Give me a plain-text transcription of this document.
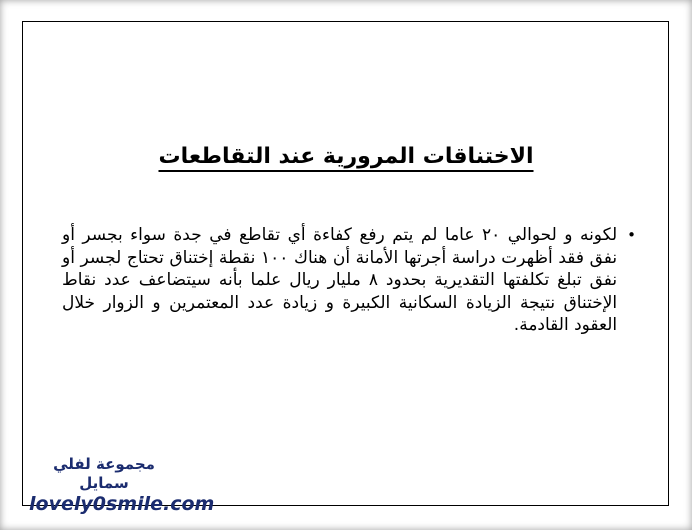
الاختناقات المرورية عند التقاطعات
•

لكونه و لحوالي ٢٠ عاما لم يتم رفع كفاءة أي تقاطع في جدة سواء بجسر أو نفق فقد أظهرت دراسة أجرتها الأمانة أن هناك ١٠٠ نقطة إختناق تحتاج لجسر أو نفق تبلغ تكلفتها التقديرية بحدود ٨ مليار ريال علما بأنه سيتضاعف عدد نقاط الإختناق نتيجة الزيادة السكانية الكبيرة و زيادة عدد المعتمرين و الزوار خلال العقود القادمة.

مجموعة لفلي سمايل
lovely0smile.com
